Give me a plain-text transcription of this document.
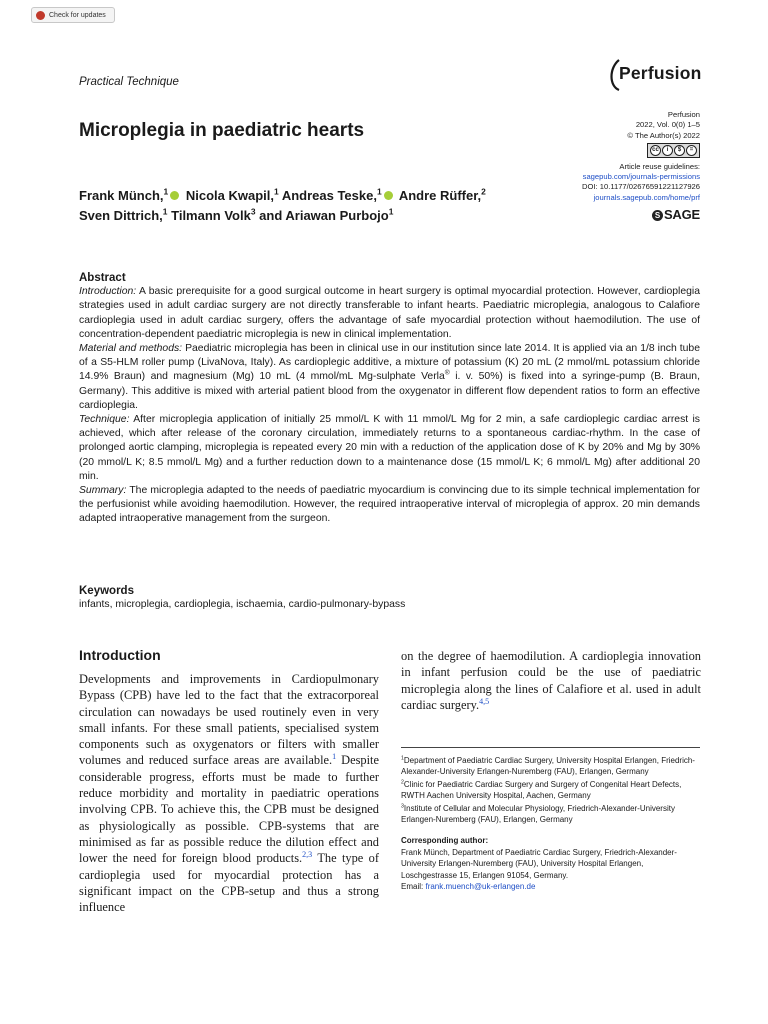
Check for updates
Practical Technique	Perfusion
Perfusion
2022, Vol. 0(0) 1–5
© The Author(s) 2022
cc	i	$	=
Article reuse guidelines:
sagepub.com/journals-permissions
DOI: 10.1177/02676591221127926
journals.sagepub.com/home/prf
S SAGE
Microplegia in paediatric hearts
Frank Münch,$^1$ Nicola Kwapil,$^1$ Andreas Teske,$^1$ Andre Rüffer,$^2$
Sven Dittrich,$^1$ Tilmann Volk$^3$ and Ariawan Purbojo$^1$
Abstract

Introduction: A basic prerequisite for a good surgical outcome in heart surgery is optimal myocardial protection. However, cardioplegia strategies used in adult cardiac surgery are not directly transferable to infant hearts. Paediatric microplegia, analogous to Calafiore cardioplegia used in adult cardiac surgery, offers the advantage of safe myocardial protection without haemodilution. The use of concentration-dependent paediatric microplegia is new in clinical implementation.

Material and methods: Paediatric microplegia has been in clinical use in our institution since late 2014. It is applied via an 1/8 inch tube of a S5-HLM roller pump (LivaNova, Italy). As cardioplegic additive, a mixture of potassium (K) 20 mL (2 mmol/mL potassium chloride 14.9% Braun) and magnesium (Mg) 10 mL (4 mmol/mL Mg-sulphate Verla® i. v. 50%) is fixed into a syringe-pump (B. Braun, Germany). This additive is mixed with arterial patient blood from the oxygenator in different flow dependent ratios to form an effective cardioplegia.

Technique: After microplegia application of initially 25 mmol/L K with 11 mmol/L Mg for 2 min, a safe cardioplegic cardiac arrest is achieved, which after release of the coronary circulation, immediately returns to a spontaneous cardiac-rhythm. In the case of prolonged aortic clamping, microplegia is repeated every 20 min with a reduction of the application dose of K by 20% and Mg by 30% (20 mmol/L K; 8.5 mmol/L Mg) and a further reduction down to a maintenance dose (15 mmol/L K; 6 mmol/L Mg) after additional 20 min.

Summary: The microplegia adapted to the needs of paediatric myocardium is convincing due to its simple technical implementation for the perfusionist while avoiding haemodilution. However, the required intraoperative interval of microplegia of approx. 20 min demands adapted intraoperative management from the surgeon.

Keywords
infants, microplegia, cardioplegia, ischaemia, cardio-pulmonary-bypass
Introduction
Developments and improvements in Cardiopulmonary Bypass (CPB) have led to the fact that the extracorporeal circulation can nowadays be used routinely even in very small infants. For these small patients, specialised system components such as oxygenators or filters with smaller volumes and reduced surface areas are available.$^1$ Despite considerable progress, efforts must be made to further reduce morbidity and mortality in paediatric operations involving CPB. To achieve this, the CPB must be designed as physiologically as possible. CPB-systems that are minimised as far as possible reduce the dilution effect and lower the need for foreign blood products.$^{2,3}$ The type of cardioplegia used for myocardial protection has a significant impact on the CPB-setup and thus a strong influence
on the degree of haemodilution. A cardioplegia innovation in infant perfusion could be the use of paediatric microplegia along the lines of Calafiore et al. used in adult cardiac surgery.$^{4,5}$
$^1$Department of Paediatric Cardiac Surgery, University Hospital Erlangen, Friedrich-Alexander-University Erlangen-Nuremberg (FAU), Erlangen, Germany
$^2$Clinic for Paediatric Cardiac Surgery and Surgery of Congenital Heart Defects, RWTH Aachen University Hospital, Aachen, Germany
$^3$Institute of Cellular and Molecular Physiology, Friedrich-Alexander-University Erlangen-Nuremberg (FAU), Erlangen, Germany
Corresponding author:
Frank Münch, Department of Paediatric Cardiac Surgery, Friedrich-Alexander-University Erlangen-Nuremberg (FAU), University Hospital Erlangen, Loschgestrasse 15, Erlangen 91054, Germany.
Email: frank.muench@uk-erlangen.de
